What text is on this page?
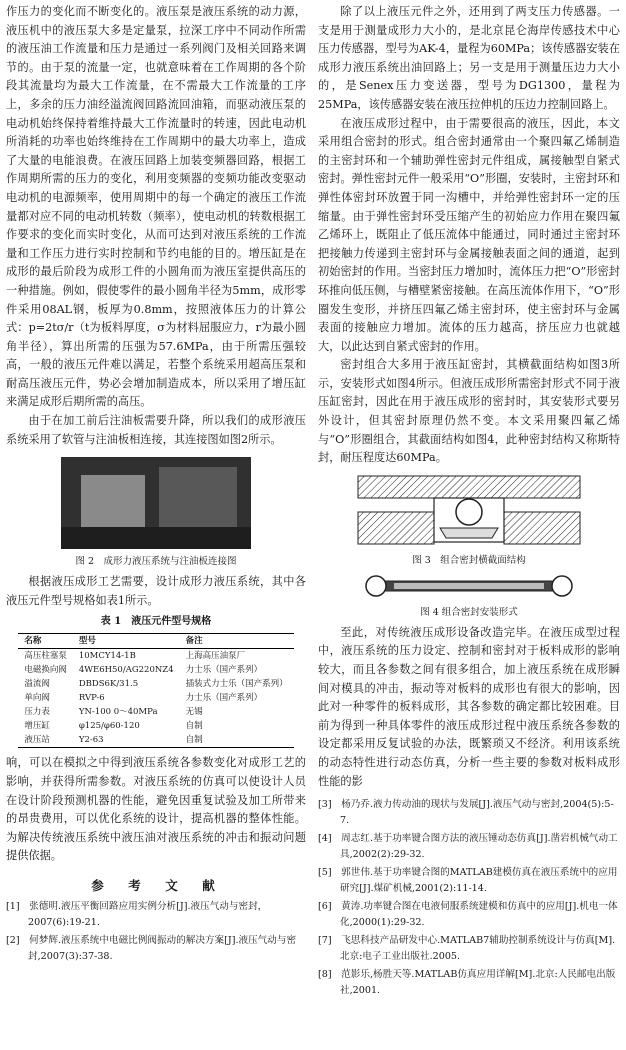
作压力的变化而不断变化的。液压泵是液压系统的动力源，液压机中的液压泵大多是定量泵，拉深工序中不同动作所需的液压油工作流量和压力是通过一系列阀门及相关回路来调节的。由于泵的流量一定，也就意味着在工作周期的各个阶段其流量均为最大工作流量，在不需最大工作流量的工序上，多余的压力油经溢流阀回路流回油箱，而驱动液压泵的电动机始终保持着维持最大工作流量时的转速，因此电动机所消耗的功率也始终维持在工作周期中的最大功率上，造成了大量的电能浪费。在液压回路上加装变频器回路，根据工作周期所需的压力的变化，利用变频器的变频功能改变驱动电动机的电源频率，使用周期中的每一个确定的液压工作流量都对应不同的电动机转数（频率），使电动机的转数根据工作要求的变化而实时变化，从而可达到对液压系统的工作流量和工作压力进行实时控制和节约电能的目的。增压缸是在成形的最后阶段为成形工件的小圆角而为液压室提供高压的一种措施。例如，假使零件的最小圆角半径为5mm，成形零件采用08AL钢，板厚为0.8mm，按照液体压力的计算公式：p=2tσ/r（t为板料厚度，σ为材料屈服应力，r为最小圆角半径），算出所需的压强为57.6MPa，由于所需压强较高，一般的液压元件难以满足，若整个系统采用超高压泵和耐高压液压元件，势必会增加制造成本，所以采用了增压缸来满足成形后期所需的高压。

由于在加工前后注油板需要升降，所以我们的成形液压系统采用了软管与注油板相连接，其连接图如图2所示。

图 2　成形力液压系统与注油板连接图

根据液压成形工艺需要，设计成形力液压系统，其中各液压元件型号规格如表1所示。

表 1　液压元件型号规格
名称	型号	备注
高压柱塞泵	10MCY14-1B	上海高压油泵厂
电磁换向阀	4WE6H50/AG220NZ4	力士乐（国产系列）
溢流阀	DBDS6K/31.5	插装式力士乐（国产系列）
单向阀	RVP-6	力士乐（国产系列）
压力表	YN-100 0～40MPa	无锡
增压缸	φ125/φ60-120	自制
液压站	Y2-63	自制

响，可以在模拟之中得到液压系统各参数变化对成形工艺的影响，并获得所需参数。对液压系统的仿真可以使设计人员在设计阶段预测机器的性能，避免因重复试验及加工所带来的昂贵费用，可以优化系统的设计，提高机器的整体性能。为解决传统液压系统中液压油对液压系统的冲击和振动问题提供依据。

参　考　文　献

[1]　张德明.液压平衡回路应用实例分析[J].液压气动与密封，2007(6):19-21.

[2]　何梦辉.液压系统中电磁比例阀振动的解决方案[J].液压气动与密封,2007(3):37-38.

除了以上液压元件之外，还用到了两支压力传感器。一支是用于测量成形力大小的，是北京昆仑海岸传感技术中心压力传感器，型号为AK-4，量程为60MPa；该传感器安装在成形力液压系统出油回路上；另一支是用于测量压边力大小的，是Senex压力变送器，型号为DG1300，量程为25MPa，该传感器安装在液压拉伸机的压边力控制回路上。

在液压成形过程中，由于需要很高的液压，因此，本文采用组合密封的形式。组合密封通常由一个聚四氟乙烯制造的主密封环和一个辅助弹性密封元件组成，属接触型自紧式密封。弹性密封元件一般采用“O”形圈，安装时，主密封环和弹性体密封环放置于同一沟槽中，并给弹性密封环一定的压缩量。由于弹性密封环受压缩产生的初始应力作用在聚四氟乙烯环上，既阻止了低压流体中能通过，同时通过主密封环把接触力传递到主密封环与金属接触表面之间的通道，起到初始密封的作用。当密封压力增加时，流体压力把“O”形密封环推向低压侧，与槽壁紧密接触。在高压流体作用下，“O”形圈发生变形，并挤压四氟乙烯主密封环，使主密封环与金属表面的接触应力增加。流体的压力越高，挤压应力也就越大，以此达到自紧式密封的作用。

密封组合大多用于液压缸密封，其横截面结构如图3所示，安装形式如图4所示。但液压成形所需密封形式不同于液压缸密封，因此在用于液压成形的密封时，其安装形式要另外设计，但其密封原理仍然不变。本文采用聚四氟乙烯与“O”形圈组合，其截面结构如图4，此种密封结构又称斯特封，耐压程度达60MPa。

图 3　组合密封横截面结构
图 4 组合密封安装形式

至此，对传统液压成形设备改造完毕。在液压成型过程中，液压系统的压力设定、控制和密封对于板料成形的影响较大，而且各参数之间有很多组合，加上液压系统在成形瞬间对模具的冲击，振动等对板料的成形也有很大的影响，因此对一种零件的板料成形，其各参数的确定都比较困难。目前为得到一种具体零件的液压成形过程中液压系统各参数的设定都采用反复试验的办法，既繁琐又不经济。利用该系统的动态特性进行动态仿真，分析一些主要的参数对板料成形性能的影

[3]　杨乃乔.液力传动油的现状与发展[J].液压气动与密封,2004(5):5-7.

[4]　周志红.基于功率键合图方法的液压锤动态仿真[J].凿岩机械气动工具,2002(2):29-32.

[5]　郭世伟.基于功率键合图的MATLAB建模仿真在液压系统中的应用研究[J].煤矿机械,2001(2):11-14.

[6]　黄涛.功率键合图在电液伺服系统建模和仿真中的应用[J].机电一体化,2000(1):29-32.

[7]　飞思科技产品研发中心.MATLAB7辅助控制系统设计与仿真[M].北京:电子工业出版社.2005.

[8]　范影乐,杨胜天等.MATLAB仿真应用详解[M].北京:人民邮电出版社,2001.
